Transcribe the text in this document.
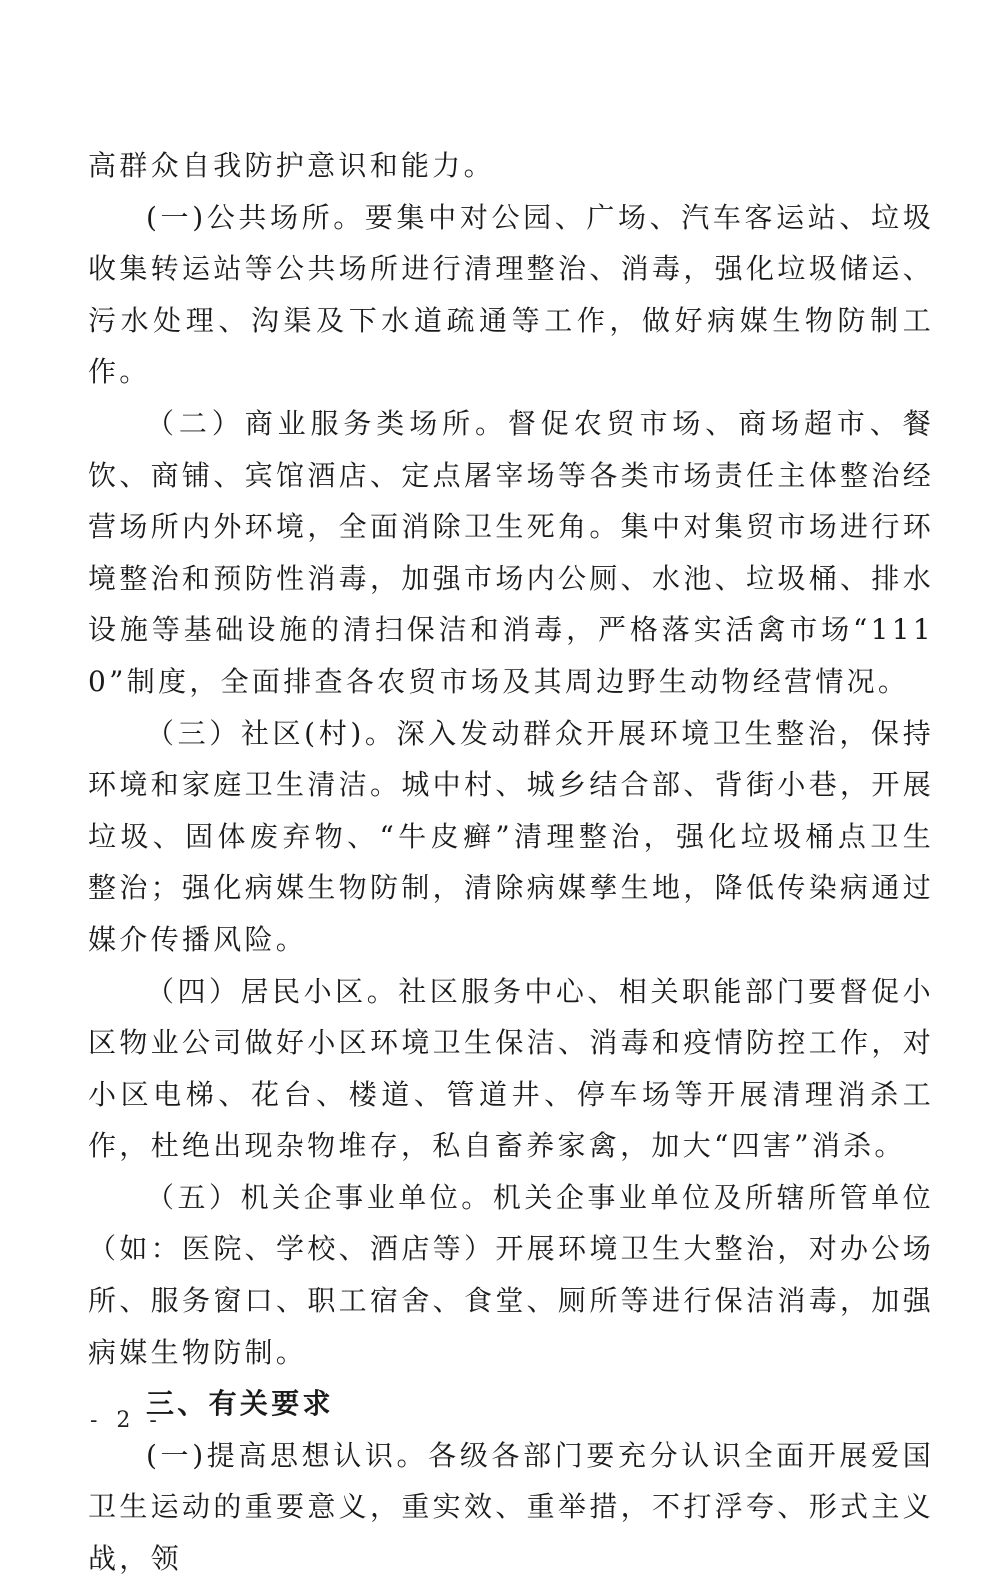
高群众自我防护意识和能力。

(一)公共场所。要集中对公园、广场、汽车客运站、垃圾收集转运站等公共场所进行清理整治、消毒，强化垃圾储运、污水处理、沟渠及下水道疏通等工作，做好病媒生物防制工作。

（二）商业服务类场所。督促农贸市场、商场超市、餐饮、商铺、宾馆酒店、定点屠宰场等各类市场责任主体整治经营场所内外环境，全面消除卫生死角。集中对集贸市场进行环境整治和预防性消毒，加强市场内公厕、水池、垃圾桶、排水设施等基础设施的清扫保洁和消毒，严格落实活禽市场“1110”制度，全面排查各农贸市场及其周边野生动物经营情况。

（三）社区(村)。深入发动群众开展环境卫生整治，保持环境和家庭卫生清洁。城中村、城乡结合部、背街小巷，开展垃圾、固体废弃物、“牛皮癣”清理整治，强化垃圾桶点卫生整治；强化病媒生物防制，清除病媒孳生地，降低传染病通过媒介传播风险。

（四）居民小区。社区服务中心、相关职能部门要督促小区物业公司做好小区环境卫生保洁、消毒和疫情防控工作，对小区电梯、花台、楼道、管道井、停车场等开展清理消杀工作，杜绝出现杂物堆存，私自畜养家禽，加大“四害”消杀。

（五）机关企事业单位。机关企事业单位及所辖所管单位（如：医院、学校、酒店等）开展环境卫生大整治，对办公场所、服务窗口、职工宿舍、食堂、厕所等进行保洁消毒，加强病媒生物防制。

三、有关要求

(一)提高思想认识。各级各部门要充分认识全面开展爱国卫生运动的重要意义，重实效、重举措，不打浮夸、形式主义战，领

- 2 -
